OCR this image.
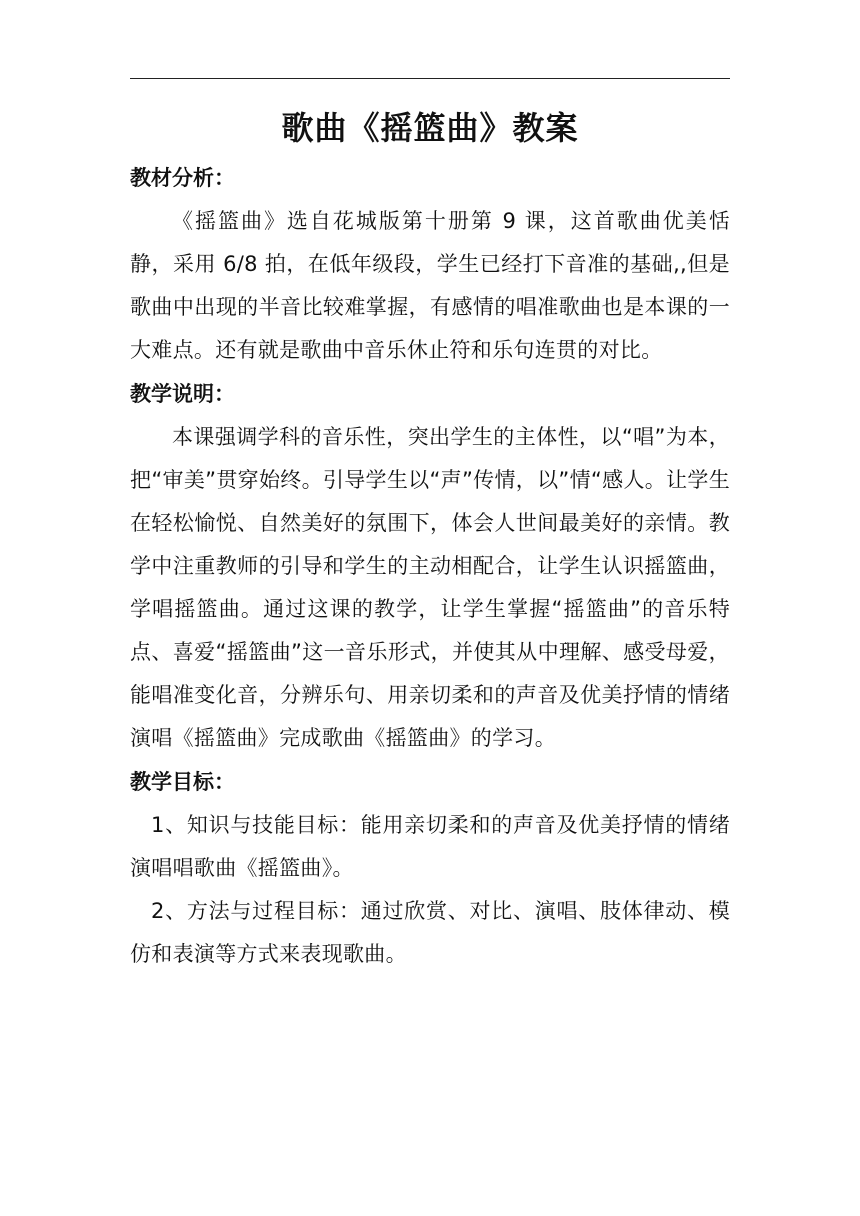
歌曲《摇篮曲》教案
教材分析：

《摇篮曲》选自花城版第十册第 9 课，这首歌曲优美恬静，采用 6/8 拍，在低年级段，学生已经打下音准的基础,,但是歌曲中出现的半音比较难掌握，有感情的唱准歌曲也是本课的一大难点。还有就是歌曲中音乐休止符和乐句连贯的对比。

教学说明：

本课强调学科的音乐性，突出学生的主体性，以“唱”为本，把“审美”贯穿始终。引导学生以“声”传情，以”情“感人。让学生在轻松愉悦、自然美好的氛围下，体会人世间最美好的亲情。教学中注重教师的引导和学生的主动相配合，让学生认识摇篮曲，学唱摇篮曲。通过这课的教学，让学生掌握“摇篮曲”的音乐特点、喜爱“摇篮曲”这一音乐形式，并使其从中理解、感受母爱，能唱准变化音，分辨乐句、用亲切柔和的声音及优美抒情的情绪演唱《摇篮曲》完成歌曲《摇篮曲》的学习。

教学目标：

1、知识与技能目标：能用亲切柔和的声音及优美抒情的情绪演唱唱歌曲《摇篮曲》。

2、方法与过程目标：通过欣赏、对比、演唱、肢体律动、模仿和表演等方式来表现歌曲。
